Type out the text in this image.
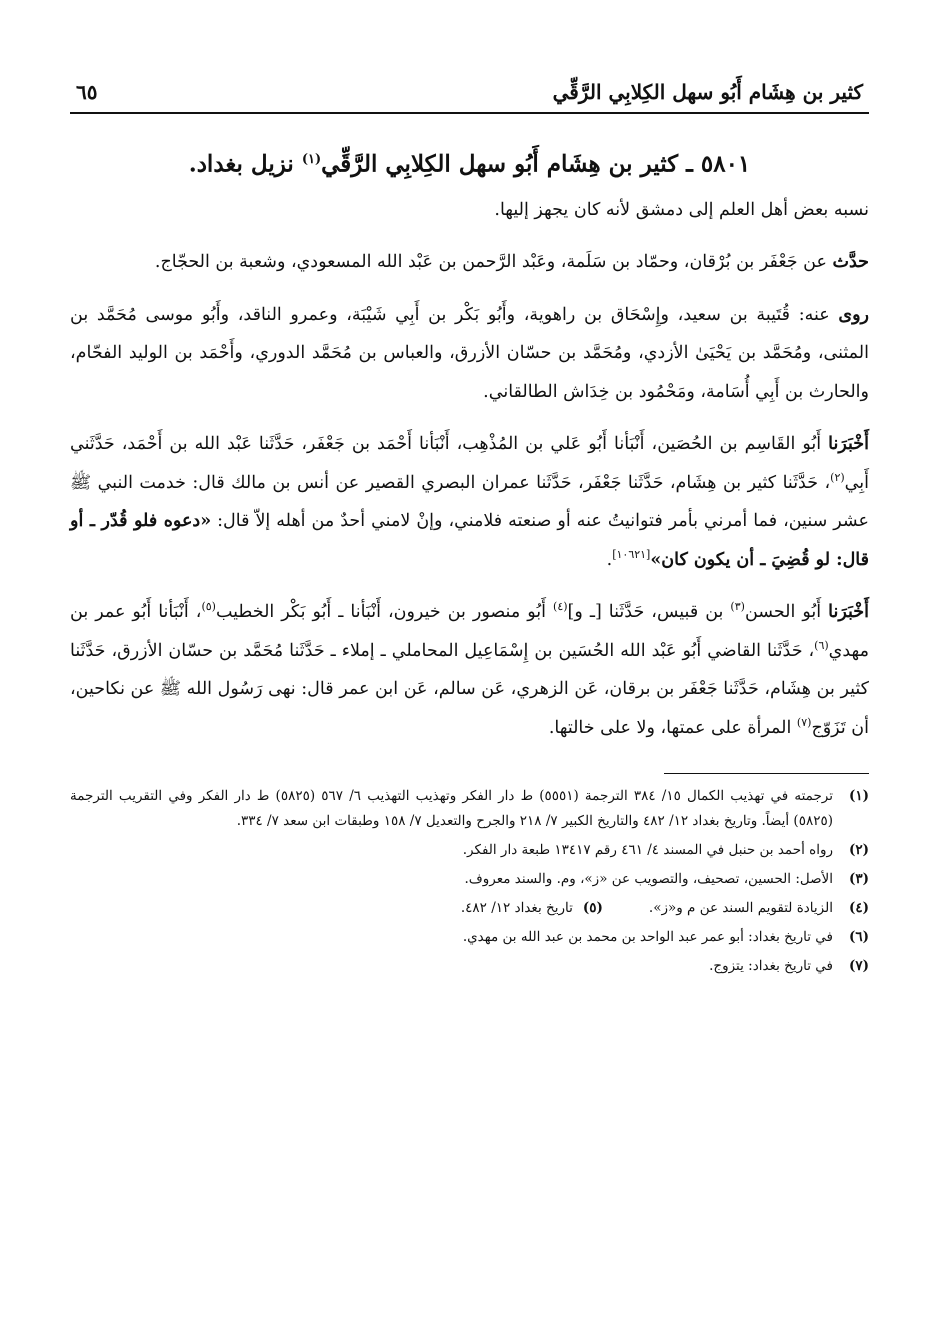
كثير بن هِشَام أَبُو سهل الكِلابِي الرَّقِّي
٦٥
٥٨٠١ ـ كثير بن هِشَام أَبُو سهل الكِلابِي الرَّقِّي$^{(١)}$ نزيل بغداد.

نسبه بعض أهل العلم إلى دمشق لأنه كان يجهز إليها.

حدَّث عن جَعْفَر بن بُرْقان، وحمّاد بن سَلَمة، وعَبْد الرَّحمن بن عَبْد الله المسعودي، وشعبة بن الحجّاج.

روى عنه: قُتَيبة بن سعيد، وإِسْحَاق بن راهوية، وأَبُو بَكْر بن أَبِي شَيْبَة، وعمرو الناقد، وأَبُو موسى مُحَمَّد بن المثنى، ومُحَمَّد بن يَحْيَىٰ الأزدي، ومُحَمَّد بن حسّان الأزرق، والعباس بن مُحَمَّد الدوري، وأَحْمَد بن الوليد الفحّام، والحارث بن أَبِي أُسَامة، ومَحْمُود بن خِدَاش الطالقاني.

أَخْبَرَنا أَبُو القَاسِم بن الحُصَين، أَنْبَأنا أَبُو عَلي بن المُذْهِب، أَنْبَأنا أَحْمَد بن جَعْفَر، حَدَّثَنا عَبْد الله بن أَحْمَد، حَدَّثَني أَبِي$^{(٢)}$، حَدَّثَنا كثير بن هِشَام، حَدَّثَنا جَعْفَر، حَدَّثَنا عمران البصري القصير عن أنس بن مالك قال: خدمت النبي ﷺ عشر سنين، فما أمرني بأمر فتوانيتُ عنه أو صنعته فلامني، وإنْ لامني أحدٌ من أهله إلاّ قال: «دعوه فلو قُدّر ـ أو قال: لو قُضِيَ ـ أن يكون كان»[١٠٦٢١].

أَخْبَرَنا أَبُو الحسن$^{(٣)}$ بن قبيس، حَدَّثَنا [ـ و]$^{(٤)}$ أَبُو منصور بن خيرون، أَنْبَأنا ـ أَبُو بَكْر الخطيب$^{(٥)}$، أَنْبَأنا أَبُو عمر بن مهدي$^{(٦)}$، حَدَّثَنا القاضي أَبُو عَبْد الله الحُسَين بن إِسْمَاعِيل المحاملي ـ إملاء ـ حَدَّثَنا مُحَمَّد بن حسّان الأزرق، حَدَّثَنا كثير بن هِشَام، حَدَّثَنا جَعْفَر بن برقان، عَن الزهري، عَن سالم، عَن ابن عمر قال: نهى رَسُول الله ﷺ عن نكاحين، أن تَزَوّج$^{(٧)}$ المرأة على عمتها، ولا على خالتها.

(١)
ترجمته في تهذيب الكمال ١٥/ ٣٨٤ الترجمة (٥٥٥١) ط دار الفكر وتهذيب التهذيب ٦/ ٥٦٧ (٥٨٢٥) ط دار الفكر وفي التقريب الترجمة (٥٨٢٥) أيضاً. وتاريخ بغداد ١٢/ ٤٨٢ والتاريخ الكبير ٧/ ٢١٨ والجرح والتعديل ٧/ ١٥٨ وطبقات ابن سعد ٧/ ٣٣٤.
(٢)
رواه أحمد بن حنبل في المسند ٤/ ٤٦١ رقم ١٣٤١٧ طبعة دار الفكر.
(٣)
الأصل: الحسين، تصحيف، والتصويب عن «ز»، وم. والسند معروف.
(٤)
الزيادة لتقويم السند عن م و«ز».
(٥)تاريخ بغداد ١٢/ ٤٨٢.
(٦)
في تاريخ بغداد: أبو عمر عبد الواحد بن محمد بن عبد الله بن مهدي.
(٧)
في تاريخ بغداد: يتزوج.
